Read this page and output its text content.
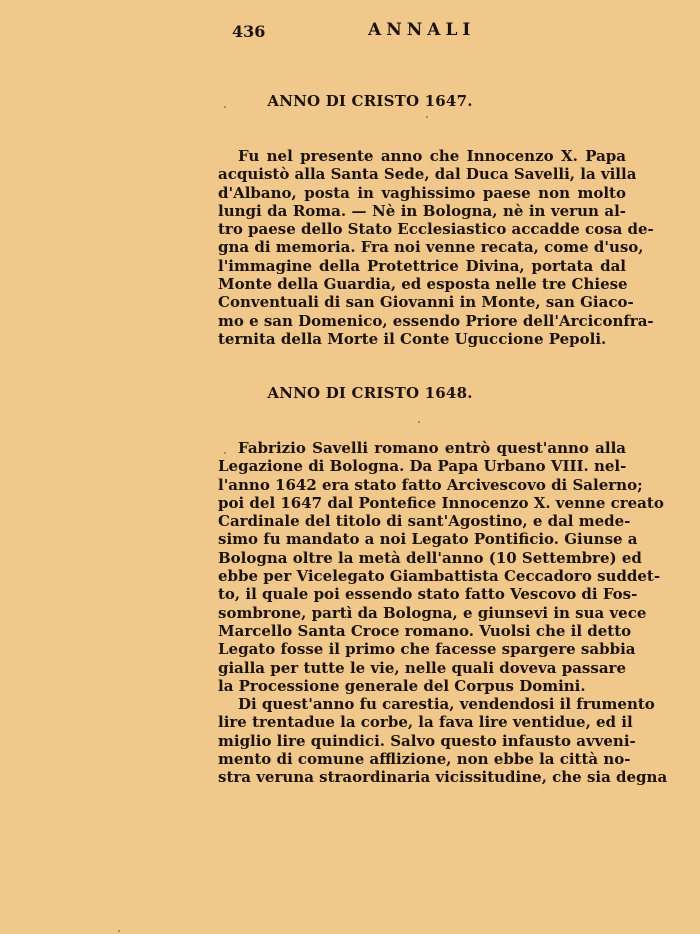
436	ANNALI
ANNO DI CRISTO 1647.
Fu nel presente anno che Innocenzo X. Papa
acquistò alla Santa Sede, dal Duca Savelli, la villa
d'Albano, posta in vaghissimo paese non molto
lungi da Roma. — Nè in Bologna, nè in verun al-
tro paese dello Stato Ecclesiastico accadde cosa de-
gna di memoria. Fra noi venne recata, come d'uso,
l'immagine della Protettrice Divina, portata dal
Monte della Guardia, ed esposta nelle tre Chiese
Conventuali di san Giovanni in Monte, san Giaco-
mo e san Domenico, essendo Priore dell'Arciconfra-
ternita della Morte il Conte Uguccione Pepoli.
ANNO DI CRISTO 1648.
Fabrizio Savelli romano entrò quest'anno alla
Legazione di Bologna. Da Papa Urbano VIII. nel-
l'anno 1642 era stato fatto Arcivescovo di Salerno;
poi del 1647 dal Pontefice Innocenzo X. venne creato
Cardinale del titolo di sant'Agostino, e dal mede-
simo fu mandato a noi Legato Pontificio. Giunse a
Bologna oltre la metà dell'anno (10 Settembre) ed
ebbe per Vicelegato Giambattista Ceccadoro suddet-
to, il quale poi essendo stato fatto Vescovo di Fos-
sombrone, partì da Bologna, e giunsevi in sua vece
Marcello Santa Croce romano. Vuolsi che il detto
Legato fosse il primo che facesse spargere sabbia
gialla per tutte le vie, nelle quali doveva passare
la Processione generale del Corpus Domini.
Di quest'anno fu carestia, vendendosi il frumento
lire trentadue la corbe, la fava lire ventidue, ed il
miglio lire quindici. Salvo questo infausto avveni-
mento di comune afflizione, non ebbe la città no-
stra veruna straordinaria vicissitudine, che sia degna
